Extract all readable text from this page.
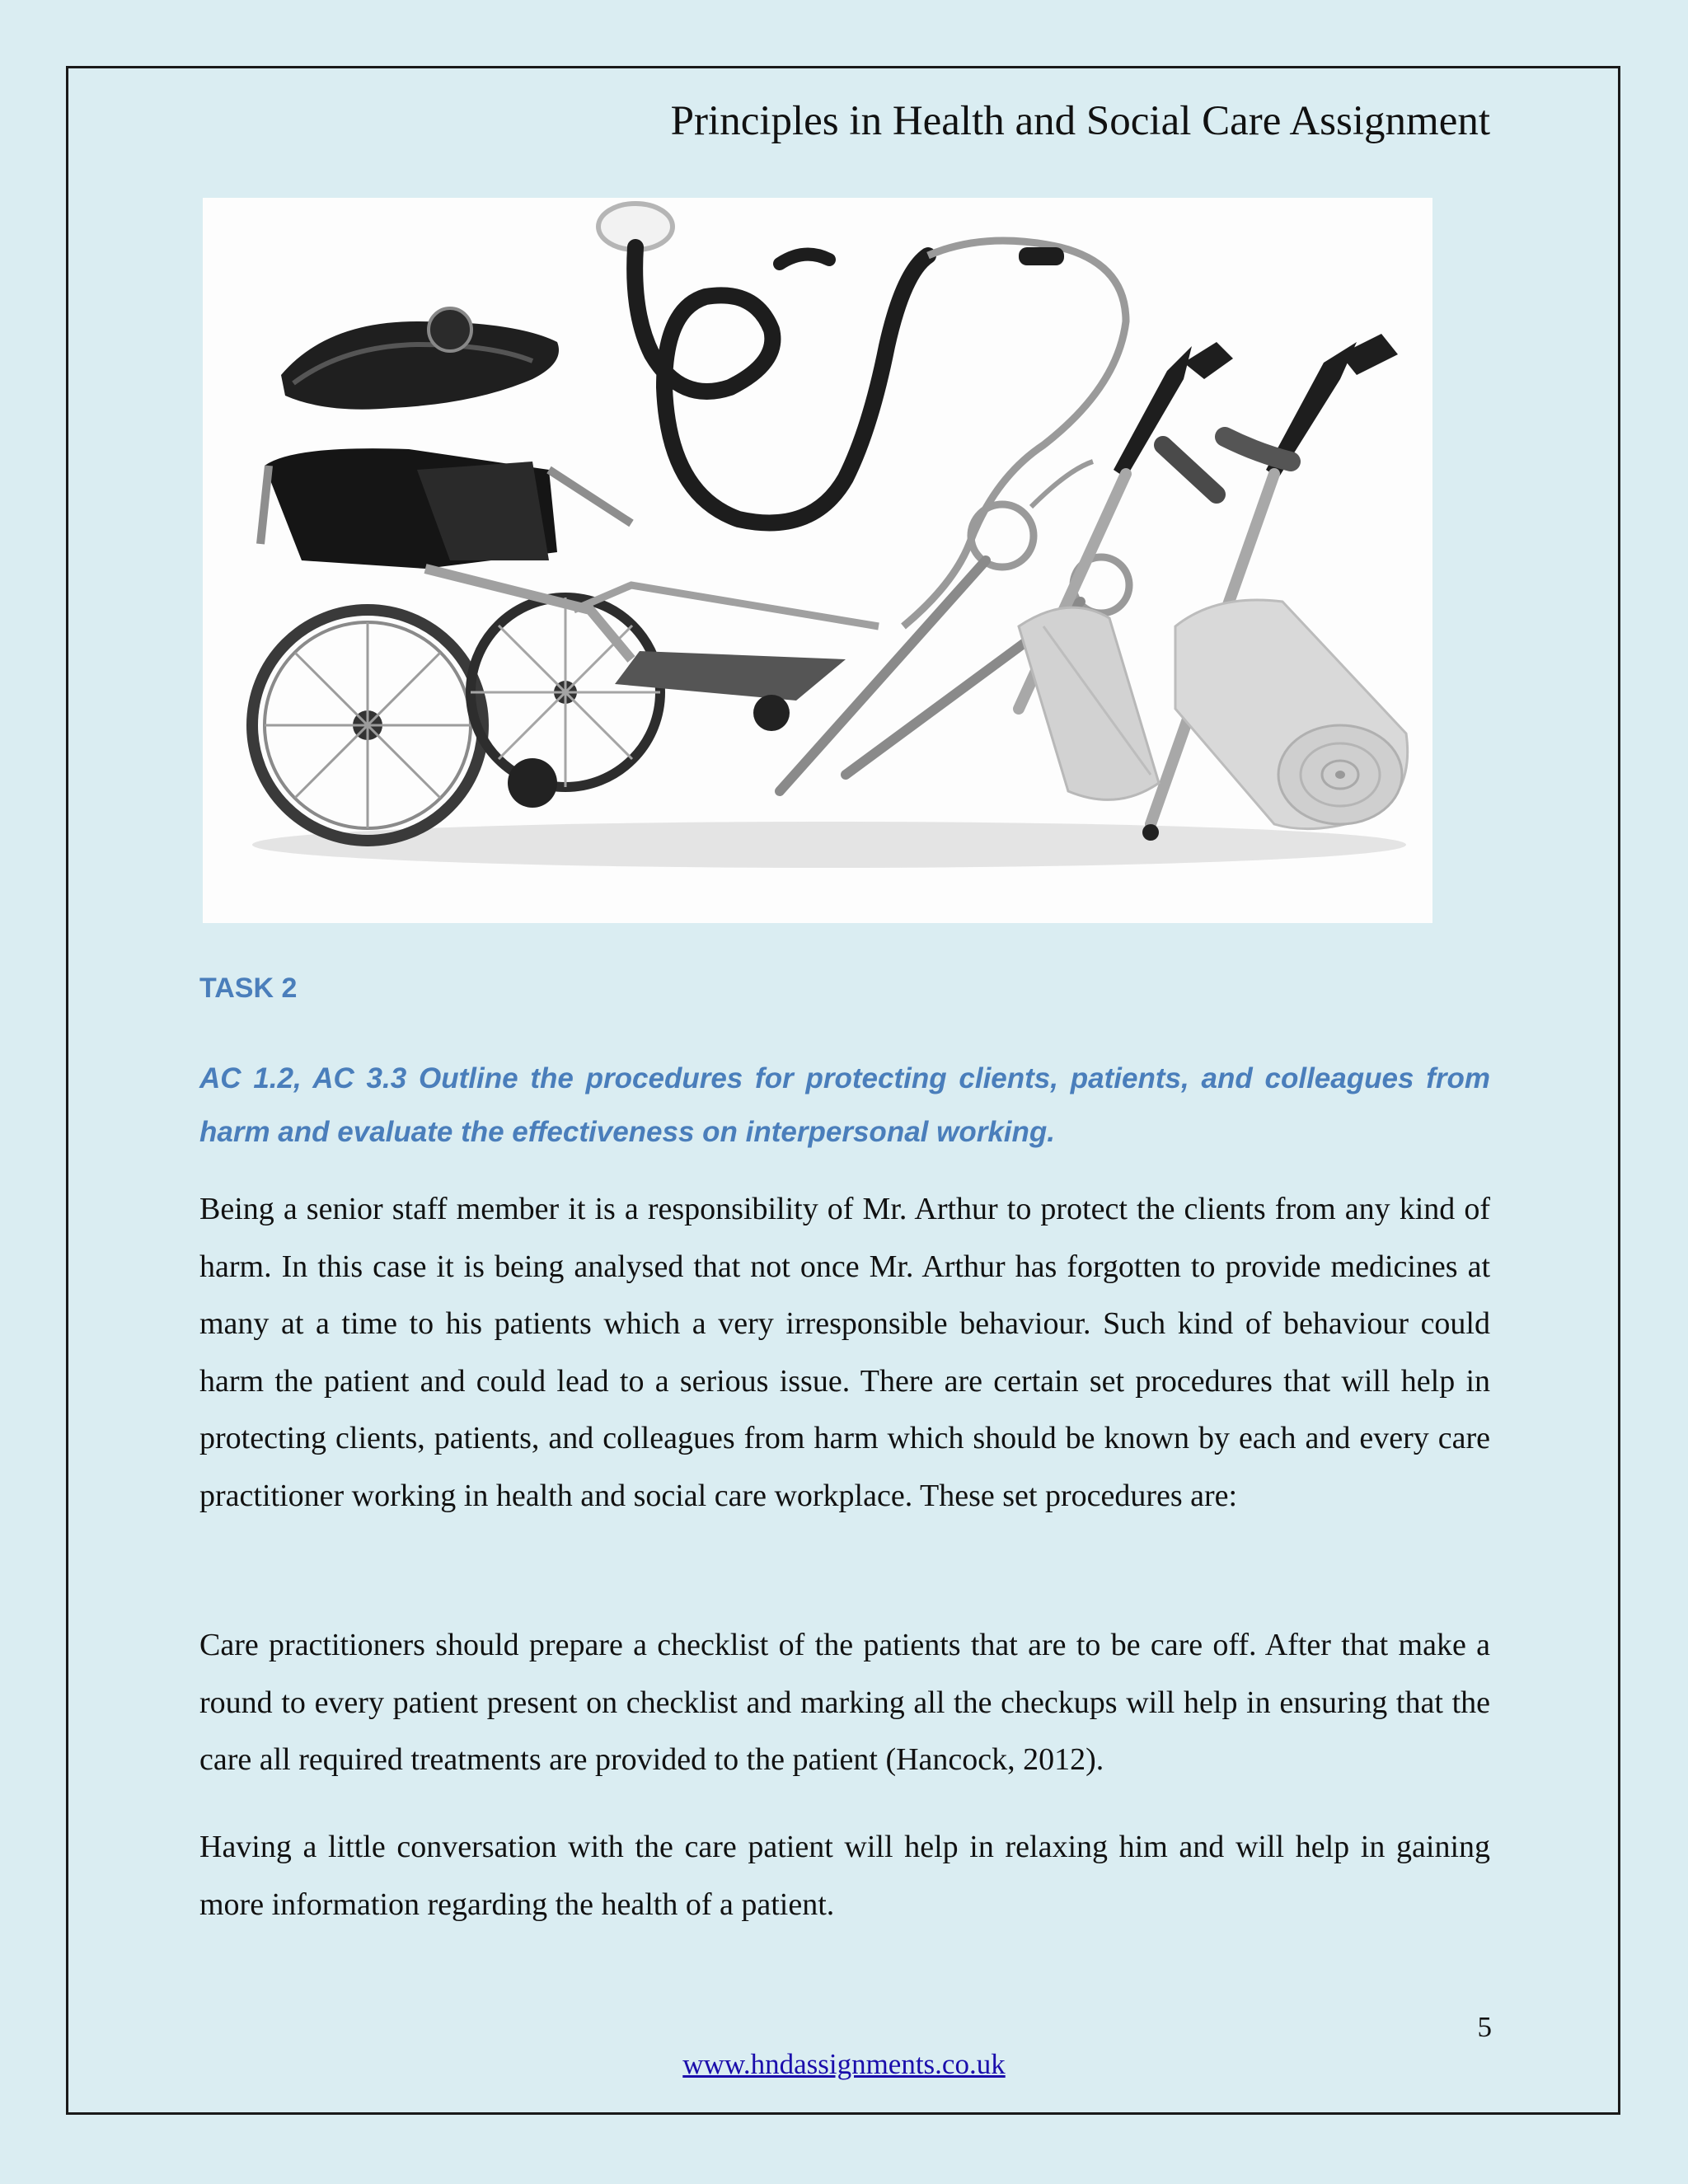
Principles in Health and Social Care Assignment
TASK 2
AC 1.2, AC 3.3 Outline the procedures for protecting clients, patients, and colleagues from harm and evaluate the effectiveness on interpersonal working.

Being a senior staff member it is a responsibility of Mr. Arthur to protect the clients from any kind of harm. In this case it is being analysed that not once Mr. Arthur has forgotten to provide medicines at many at a time to his patients which a very irresponsible behaviour. Such kind of behaviour could harm the patient and could lead to a serious issue. There are certain set procedures that will help in protecting clients, patients, and colleagues from harm which should be known by each and every care practitioner working in health and social care workplace. These set procedures are:

Care practitioners should prepare a checklist of the patients that are to be care off. After that make a round to every patient present on checklist and marking all the checkups will help in ensuring that the care all required treatments are provided to the patient (Hancock, 2012).

Having a little conversation with the care patient will help in relaxing him and will help in gaining more information regarding the health of a patient.

5
www.hndassignments.co.uk
